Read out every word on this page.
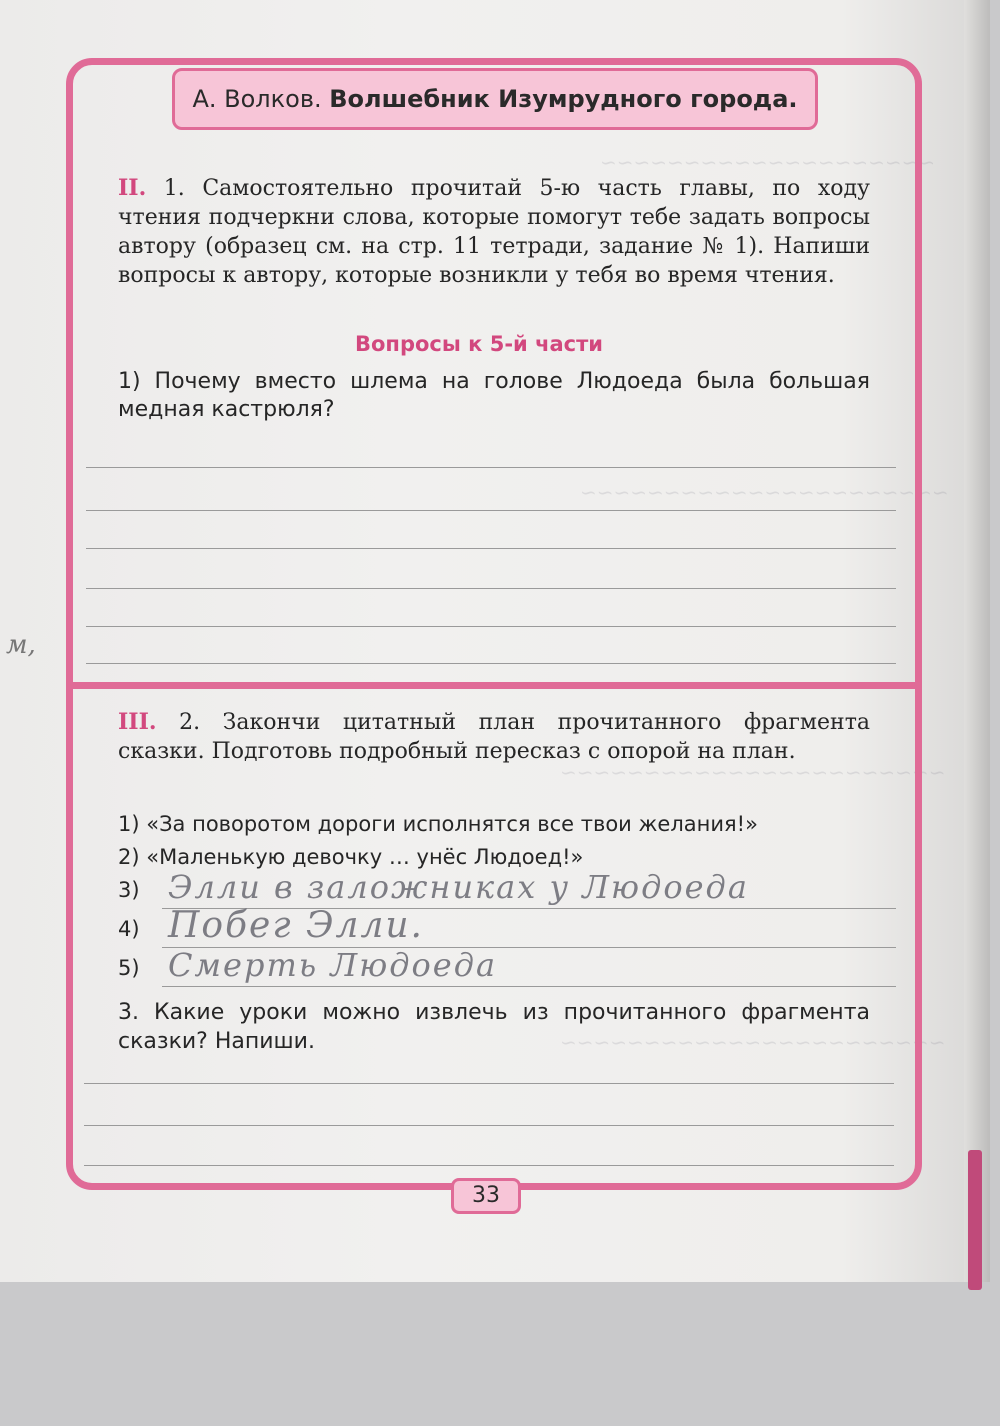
~~~~~~~~~~~~~~~~~~~~
~~~~~~~~~~~~~~~~~~~~~~
~~~~~~~~~~~~~~~~~~~~~~~
~~~~~~~~~~~~~~~~~~~~~~~
А. Волков. Волшебник Изумрудного города.

II. 1. Самостоятельно прочитай 5-ю часть главы, по ходу чтения подчеркни слова, которые помогут тебе задать вопросы автору (образец см. на стр. 11 тетради, задание № 1). Напиши вопросы к автору, которые возникли у тебя во время чтения.

Вопросы к 5-й части

1) Почему вместо шлема на голове Людоеда была большая медная кастрюля?

м,

III. 2. Закончи цитатный план прочитанного фрагмента сказки. Подготовь подробный пересказ с опорой на план.

1) «За поворотом дороги исполнятся все твои желания!»
2) «Маленькую девочку … унёс Людоед!»
3) Элли в заложниках у Людоеда
4) Побег Элли.
5) Смерть Людоеда

3. Какие уроки можно извлечь из прочитанного фрагмента сказки? Напиши.

33
